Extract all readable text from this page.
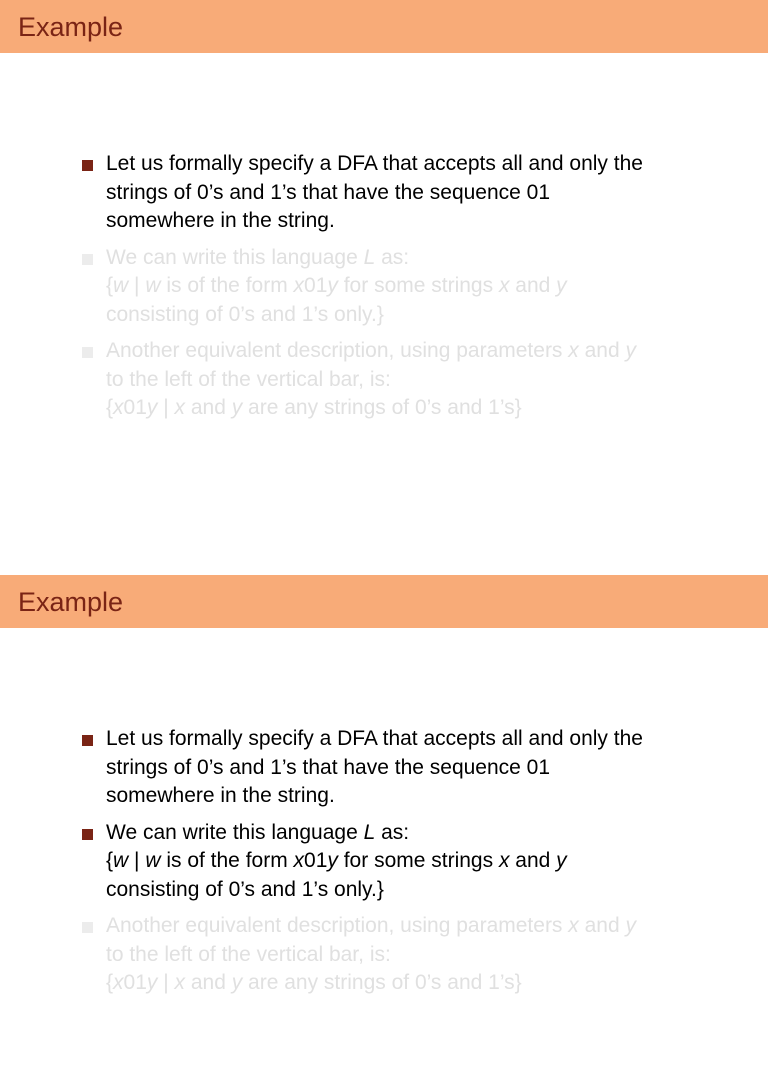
Example
Let us formally specify a DFA that accepts all and only the
strings of 0’s and 1’s that have the sequence 01
somewhere in the string.
We can write this language L as:
{w | w is of the form x01y for some strings x and y
consisting of 0’s and 1’s only.}
Another equivalent description, using parameters x and y
to the left of the vertical bar, is:
{x01y | x and y are any strings of 0’s and 1’s}
Example
Let us formally specify a DFA that accepts all and only the
strings of 0’s and 1’s that have the sequence 01
somewhere in the string.
We can write this language L as:
{w | w is of the form x01y for some strings x and y
consisting of 0’s and 1’s only.}
Another equivalent description, using parameters x and y
to the left of the vertical bar, is:
{x01y | x and y are any strings of 0’s and 1’s}
